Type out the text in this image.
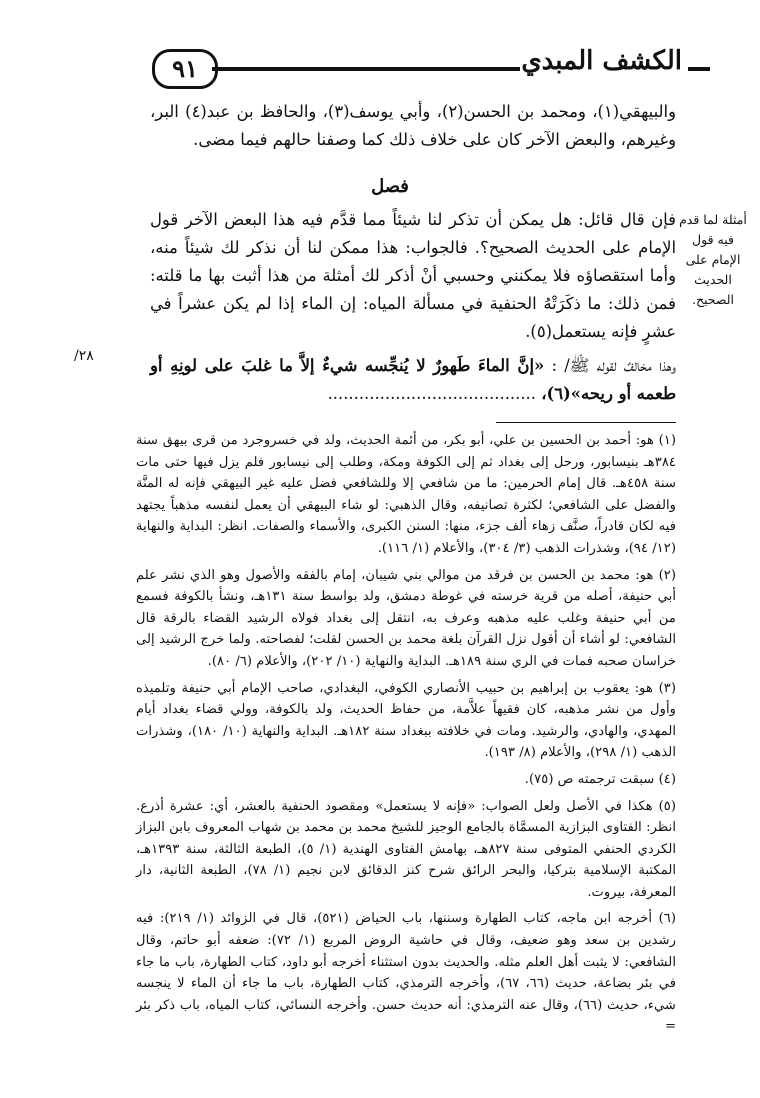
٩١	الكشف المبدي

والبيهقي(١)، ومحمد بن الحسن(٢)، وأبي يوسف(٣)، والحافظ بن عبد(٤) البر، وغيرهم، والبعض الآخر كان على خلاف ذلك كما وصفنا حالهم فيما مضى.

فصل

فإن قال قائل: هل يمكن أن تذكر لنا شيئاً مما قدَّم فيه هذا البعض الآخر قول الإمام على الحديث الصحيح؟. فالجواب: هذا ممكن لنا أن نذكر لك شيئاً منه، وأما استقصاؤه فلا يمكنني وحسبي أنْ أذكر لك أمثلة من هذا أثبت بها ما قلته: فمن ذلك: ما ذكَرَتْهُ الحنفية في مسألة المياه: إن الماء إذا لم يكن عشراً في عشرٍ فإنه يستعمل(٥).

وهذا مخالفٌ لقوله ﷺ/ : «إنَّ الماءَ طَهورٌ لا يُنجِّسه شيءٌ إلاَّ ما غلبَ على لونِهِ أو طعمه أو ريحه»(٦)، ........................................

أمثلة لما قدم فيه قول الإمام على الحديث الصحيح.
/٢٨

(١) هو: أحمد بن الحسين بن علي، أبو بكر، من أئمة الحديث، ولد في خسروجرد من قرى بيهق سنة ٣٨٤هـ بنيسابور، ورحل إلى بغداد ثم إلى الكوفة ومكة، وطلب إلى نيسابور فلم يزل فيها حتى مات سنة ٤٥٨هـ. قال إمام الحرمين: ما من شافعي إلا وللشافعي فضل عليه غير البيهقي فإنه له المنَّة والفضل على الشافعي؛ لكثرة تصانيفه، وقال الذهبي: لو شاء البيهقي أن يعمل لنفسه مذهباً يجتهد فيه لكان قادراً، صنَّف زهاء ألف جزء، منها: السنن الكبرى، والأسماء والصفات. انظر: البداية والنهاية (١٢/ ٩٤)، وشذرات الذهب (٣/ ٣٠٤)، والأعلام (١/ ١١٦).

(٢) هو: محمد بن الحسن بن فرقد من موالي بني شيبان، إمام بالفقه والأصول وهو الذي نشر علم أبي حنيفة، أصله من قرية خرسته في غوطة دمشق، ولد بواسط سنة ١٣١هـ، ونشأ بالكوفة فسمع من أبي حنيفة وغلب عليه مذهبه وعرف به، انتقل إلى بغداد فولاه الرشيد القضاء بالرقة قال الشافعي: لو أشاء أن أقول نزل القرآن بلغة محمد بن الحسن لقلت؛ لفصاحته. ولما خرج الرشيد إلى خراسان صحبه فمات في الري سنة ١٨٩هـ. البداية والنهاية (١٠/ ٢٠٢)، والأعلام (٦/ ٨٠).

(٣) هو: يعقوب بن إبراهيم بن حبيب الأنصاري الكوفي، البغدادي، صاحب الإمام أبي حنيفة وتلميذه وأول من نشر مذهبه، كان فقيهاً علاَّمة، من حفاظ الحديث، ولد بالكوفة، وولي قضاء بغداد أيام المهدي، والهادي، والرشيد. ومات في خلافته ببغداد سنة ١٨٢هـ. البداية والنهاية (١٠/ ١٨٠)، وشذرات الذهب (١/ ٢٩٨)، والأعلام (٨/ ١٩٣).

(٤) سبقت ترجمته ص (٧٥).

(٥) هكذا في الأصل ولعل الصواب: «فإنه لا يستعمل» ومقصود الحنفية بالعشر، أي: عشرة أذرع. انظر: الفتاوى البزازية المسمَّاة بالجامع الوجيز للشيخ محمد بن محمد بن شهاب المعروف بابن البزاز الكردي الحنفي المتوفى سنة ٨٢٧هـ، بهامش الفتاوى الهندية (١/ ٥)، الطبعة الثالثة، سنة ١٣٩٣هـ، المكتبة الإسلامية بتركيا، والبحر الرائق شرح كنز الدقائق لابن نجيم (١/ ٧٨)، الطبعة الثانية، دار المعرفة، بيروت.

(٦) أخرجه ابن ماجه، كتاب الطهارة وسننها، باب الحياض (٥٢١)، قال في الزوائد (١/ ٢١٩): فيه رشدين بن سعد وهو ضعيف، وقال في حاشية الروض المربع (١/ ٧٢): ضعفه أبو حاتم، وقال الشافعي: لا يثبت أهل العلم مثله. والحديث بدون استثناء أخرجه أبو داود، كتاب الطهارة، باب ما جاء في بئر بضاعة، حديث (٦٦، ٦٧)، وأخرجه الترمذي، كتاب الطهارة، باب ما جاء أن الماء لا ينجسه شيء، حديث (٦٦)، وقال عنه الترمذي: أنه حديث حسن. وأخرجه النسائي، كتاب المياه، باب ذكر بئر =
